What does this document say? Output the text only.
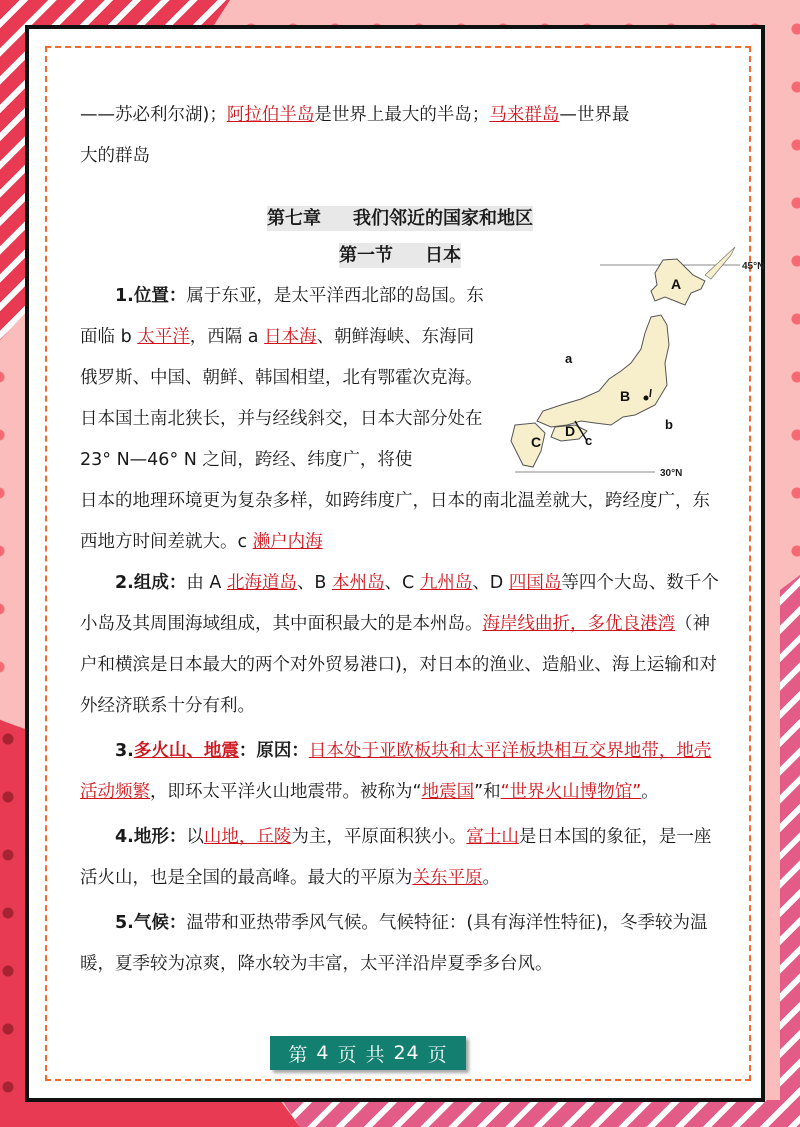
——苏必利尔湖)；阿拉伯半岛是世界上最大的半岛；马来群岛—世界最
大的群岛

第七章 我们邻近的国家和地区

第一节 日本

1.位置：属于东亚，是太平洋西北部的岛国。东面临 b 太平洋，西隔 a 日本海、朝鲜海峡、东海同俄罗斯、中国、朝鲜、韩国相望，北有鄂霍次克海。日本国土南北狭长，并与经线斜交，日本大部分处在 23° N—46° N 之间，跨经、纬度广，将使

日本的地理环境更为复杂多样，如跨纬度广，日本的南北温差就大，跨经度广，东西地方时间差就大。c 濑户内海

2.组成：由 A 北海道岛、B 本州岛、C 九州岛、D 四国岛等四个大岛、数千个小岛及其周围海域组成，其中面积最大的是本州岛。海岸线曲折，多优良港湾（神户和横滨是日本最大的两个对外贸易港口)，对日本的渔业、造船业、海上运输和对外经济联系十分有利。

3.多火山、地震：原因：日本处于亚欧板块和太平洋板块相互交界地带，地壳活动频繁，即环太平洋火山地震带。被称为“地震国”和“世界火山博物馆”。

4.地形：以山地，丘陵为主，平原面积狭小。富士山是日本国的象征，是一座活火山，也是全国的最高峰。最大的平原为关东平原。

5.气候：温带和亚热带季风气候。气候特征：(具有海洋性特征)，冬季较为温暖，夏季较为凉爽，降水较为丰富，太平洋沿岸夏季多台风。

45°N
30°N
A
B
C
D
a
b
c
第 4 页 共 24 页
